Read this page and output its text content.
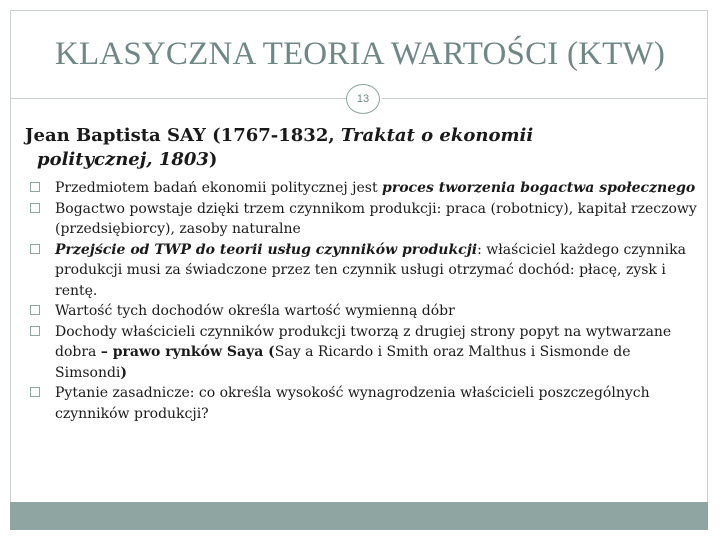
KLASYCZNA TEORIA WARTOŚCI (KTW)
13
Jean Baptista SAY (1767-1832, Traktat o ekonomii
politycznej, 1803)
Przedmiotem badań ekonomii politycznej jest proces tworzenia bogactwa społecznego
Bogactwo powstaje dzięki trzem czynnikom produkcji: praca (robotnicy), kapitał rzeczowy (przedsiębiorcy), zasoby naturalne
Przejście od TWP do teorii usług czynników produkcji: właściciel każdego czynnika produkcji musi za świadczone przez ten czynnik usługi otrzymać dochód: płacę, zysk i rentę.
Wartość tych dochodów określa wartość wymienną dóbr
Dochody właścicieli czynników produkcji tworzą z drugiej strony popyt na wytwarzane dobra – prawo rynków Saya (Say a Ricardo i Smith oraz Malthus i Sismonde de Simsondi)
Pytanie zasadnicze: co określa wysokość wynagrodzenia właścicieli poszczególnych czynników produkcji?
